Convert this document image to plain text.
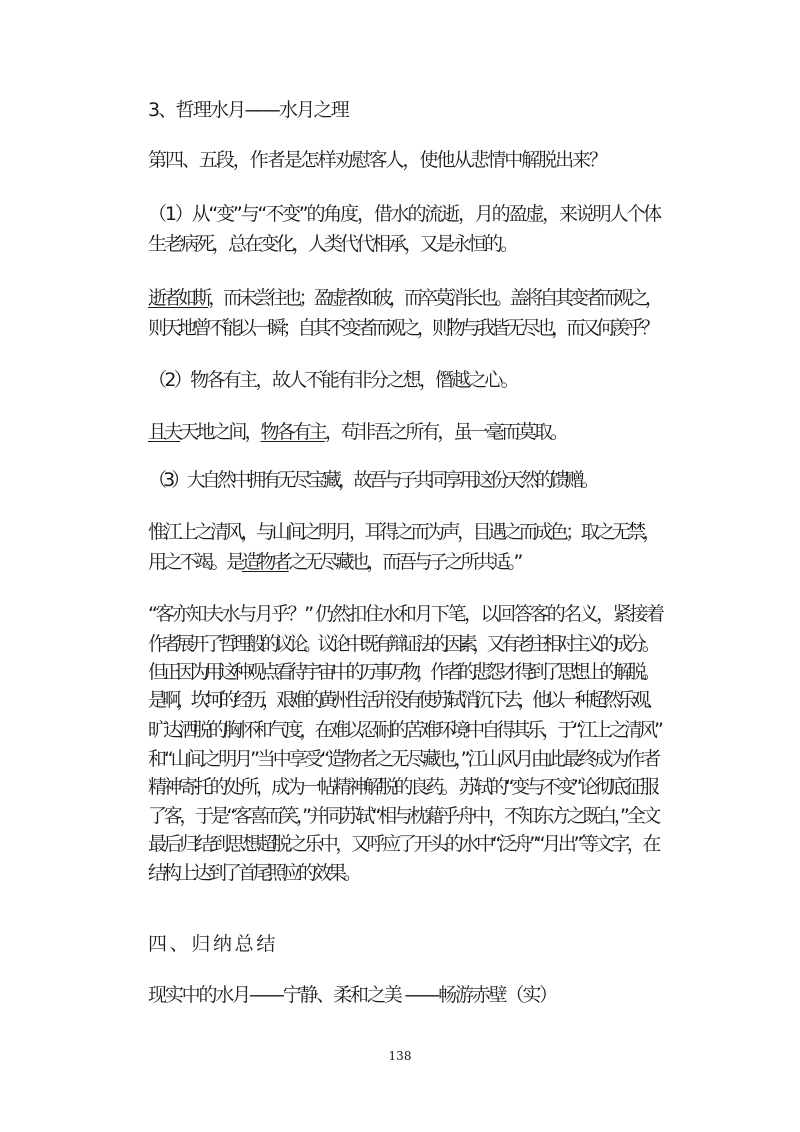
3、哲理水月——水月之理
第四、五段，作者是怎样劝慰客人，使他从悲情中解脱出来？
（1）从“变”与“不变”的角度，借水的流逝，月的盈虚，来说明人个体
生老病死，总在变化，人类代代相承，又是永恒的。
逝者如斯，而未尝往也；盈虚者如彼，而卒莫消长也。盖将自其变者而观之，
则天地曾不能以一瞬；自其不变者而观之，则物与我皆无尽也，而又何羡乎？
（2）物各有主，故人不能有非分之想，僭越之心。
且夫天地之间，物各有主，苟非吾之所有，虽一毫而莫取。
（3）大自然中拥有无尽宝藏，故吾与子共同享用这份天然的馈赠。
惟江上之清风，与山间之明月，耳得之而为声，目遇之而成色；取之无禁，
用之不竭。是造物者之无尽藏也，而吾与子之所共适。”
“客亦知夫水与月乎？” 仍然扣住水和月下笔，以回答客的名义，紧接着
作者展开了哲理般的议论。议论中既有辩证法的因素，又有老庄相对主义的成分。
但正因为用这种观点看待宇宙中的万事万物，作者的悲怨才得到了思想上的解脱。
是啊，坎坷的经历，艰难的黄州生活并没有使苏轼消沉下去，他以一种超然乐观、
旷达洒脱的胸怀和气度，在难以忍耐的苦难环境中自得其乐，于“江上之清风”
和“山间之明月”当中享受“造物者之无尽藏也，”江山风月由此最终成为作者
精神寄托的处所，成为一帖精神解脱的良药。 苏轼的“变与不变”论彻底征服
了客，于是“客喜而笑，”并同苏轼“相与枕藉乎舟中，不知东方之既白，”全文
最后归结到思想超脱之乐中，又呼应了开头的水中“泛舟”“月出”等文字，在
结构上达到了首尾照应的效果。
四、归纳总结
现实中的水月——宁静、柔和之美 ——畅游赤壁（实）
138
